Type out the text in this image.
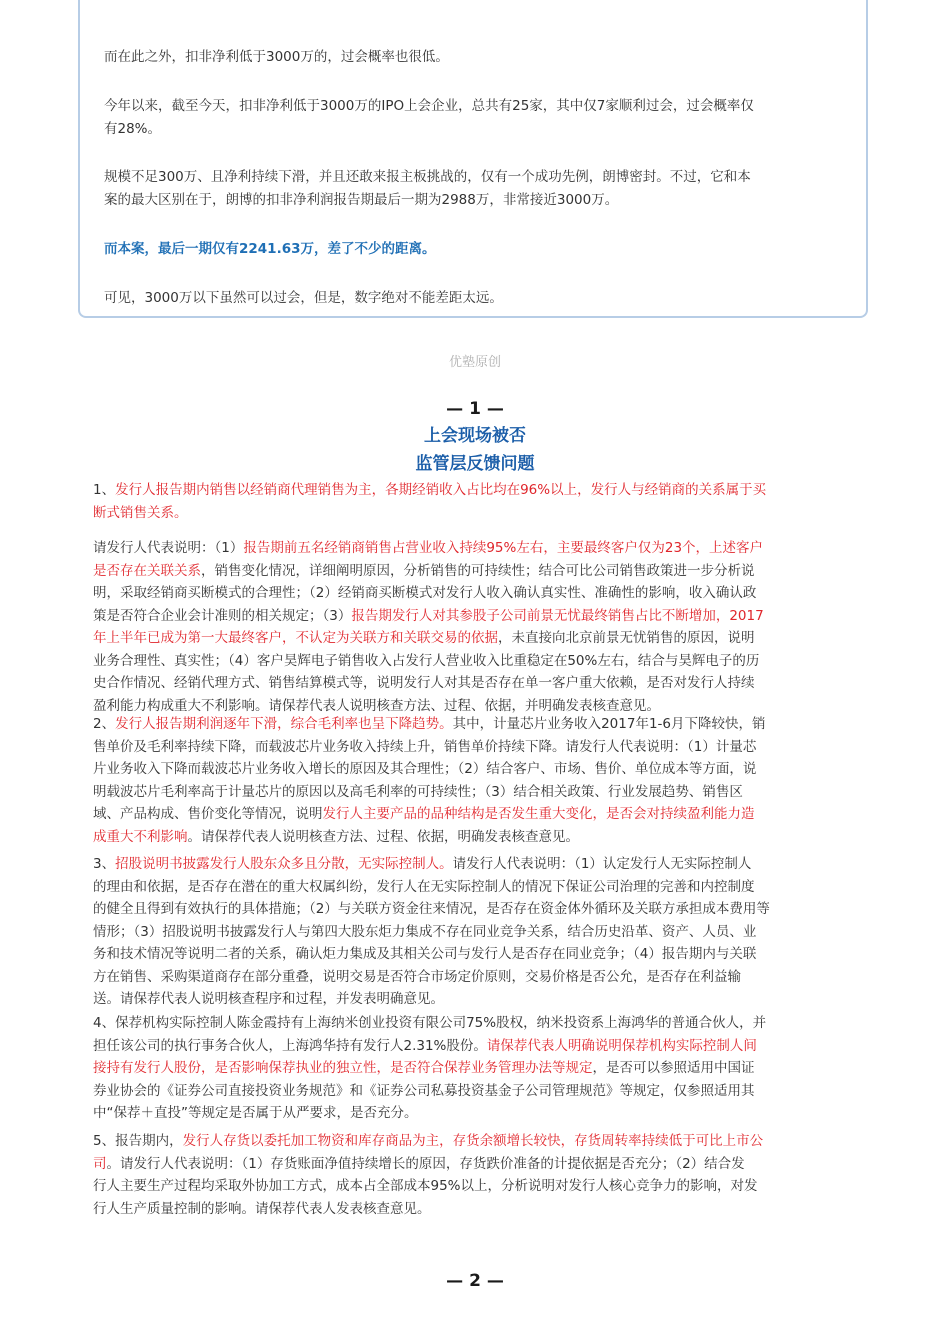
而在此之外，扣非净利低于3000万的，过会概率也很低。

今年以来，截至今天，扣非净利低于3000万的IPO上会企业，总共有25家，其中仅7家顺利过会，过会概率仅

有28%。

规模不足300万、且净利持续下滑，并且还敢来报主板挑战的，仅有一个成功先例，朗博密封。不过，它和本

案的最大区别在于，朗博的扣非净利润报告期最后一期为2988万，非常接近3000万。

而本案，最后一期仅有2241.63万，差了不少的距离。

可见，3000万以下虽然可以过会，但是，数字绝对不能差距太远。

优塾原创
— 1 —
上会现场被否
监管层反馈问题

1、发行人报告期内销售以经销商代理销售为主，各期经销收入占比均在96%以上，发行人与经销商的关系属于买

断式销售关系。

请发行人代表说明：（1）报告期前五名经销商销售占营业收入持续95%左右，主要最终客户仅为23个，上述客户

是否存在关联关系，销售变化情况，详细阐明原因，分析销售的可持续性；结合可比公司销售政策进一步分析说

明，采取经销商买断模式的合理性；（2）经销商买断模式对发行人收入确认真实性、准确性的影响，收入确认政

策是否符合企业会计准则的相关规定；（3）报告期发行人对其参股子公司前景无忧最终销售占比不断增加，2017

年上半年已成为第一大最终客户，不认定为关联方和关联交易的依据，未直接向北京前景无忧销售的原因，说明

业务合理性、真实性；（4）客户昊辉电子销售收入占发行人营业收入比重稳定在50%左右，结合与昊辉电子的历

史合作情况、经销代理方式、销售结算模式等，说明发行人对其是否存在单一客户重大依赖，是否对发行人持续

盈利能力构成重大不利影响。请保荐代表人说明核查方法、过程、依据，并明确发表核查意见。

2、发行人报告期利润逐年下滑，综合毛利率也呈下降趋势。其中，计量芯片业务收入2017年1-6月下降较快，销

售单价及毛利率持续下降，而载波芯片业务收入持续上升，销售单价持续下降。请发行人代表说明：（1）计量芯

片业务收入下降而载波芯片业务收入增长的原因及其合理性；（2）结合客户、市场、售价、单位成本等方面，说

明载波芯片毛利率高于计量芯片的原因以及高毛利率的可持续性；（3）结合相关政策、行业发展趋势、销售区

域、产品构成、售价变化等情况，说明发行人主要产品的品种结构是否发生重大变化，是否会对持续盈利能力造

成重大不利影响。请保荐代表人说明核查方法、过程、依据，明确发表核查意见。

3、招股说明书披露发行人股东众多且分散，无实际控制人。请发行人代表说明：（1）认定发行人无实际控制人

的理由和依据，是否存在潜在的重大权属纠纷，发行人在无实际控制人的情况下保证公司治理的完善和内控制度

的健全且得到有效执行的具体措施；（2）与关联方资金往来情况，是否存在资金体外循环及关联方承担成本费用等

情形；（3）招股说明书披露发行人与第四大股东炬力集成不存在同业竞争关系，结合历史沿革、资产、人员、业

务和技术情况等说明二者的关系，确认炬力集成及其相关公司与发行人是否存在同业竞争；（4）报告期内与关联

方在销售、采购渠道商存在部分重叠，说明交易是否符合市场定价原则，交易价格是否公允，是否存在利益输

送。请保荐代表人说明核查程序和过程，并发表明确意见。

4、保荐机构实际控制人陈金霞持有上海纳米创业投资有限公司75%股权，纳米投资系上海鸿华的普通合伙人，并

担任该公司的执行事务合伙人，上海鸿华持有发行人2.31%股份。请保荐代表人明确说明保荐机构实际控制人间

接持有发行人股份，是否影响保荐执业的独立性，是否符合保荐业务管理办法等规定，是否可以参照适用中国证

券业协会的《证券公司直接投资业务规范》和《证券公司私募投资基金子公司管理规范》等规定，仅参照适用其

中“保荐＋直投”等规定是否属于从严要求，是否充分。

5、报告期内，发行人存货以委托加工物资和库存商品为主，存货余额增长较快，存货周转率持续低于可比上市公

司。请发行人代表说明：（1）存货账面净值持续增长的原因，存货跌价准备的计提依据是否充分；（2）结合发

行人主要生产过程均采取外协加工方式，成本占全部成本95%以上，分析说明对发行人核心竞争力的影响，对发

行人生产质量控制的影响。请保荐代表人发表核查意见。

— 2 —
